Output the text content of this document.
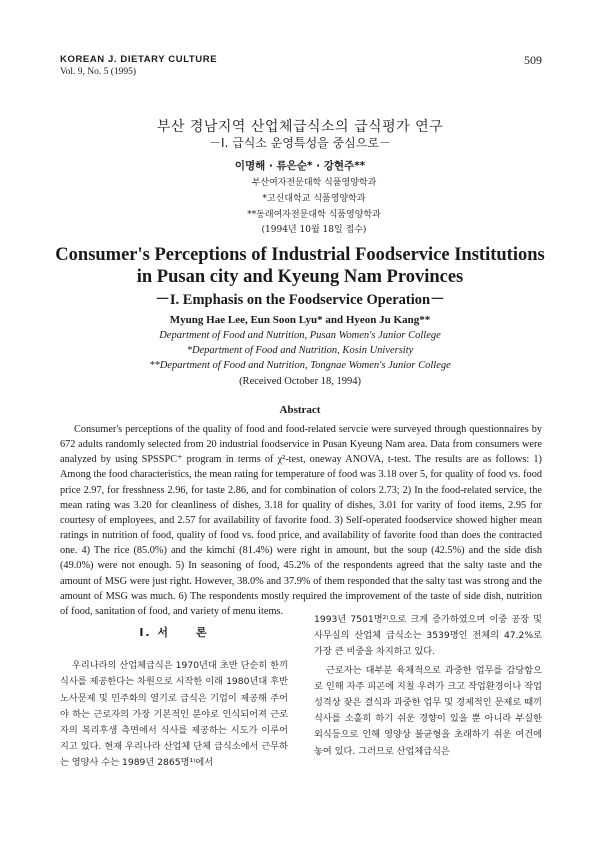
KOREAN J. DIETARY CULTURE
Vol. 9, No. 5 (1995)
509
부산 경남지역 산업체급식소의 급식평가 연구
－I. 급식소 운영특성을 중심으로－
이명해 · 류은순* · 강현주**
부산여자전문대학 식품영양학과
*고신대학교 식품영양학과
**동래여자전문대학 식품영양학과
(1994년 10월 18일 접수)
Consumer's Perceptions of Industrial Foodservice Institutions
in Pusan city and Kyeung Nam Provinces
－I. Emphasis on the Foodservice Operation－
Myung Hae Lee, Eun Soon Lyu* and Hyeon Ju Kang**
Department of Food and Nutrition, Pusan Women's Junior College
*Department of Food and Nutrition, Kosin University
**Department of Food and Nutrition, Tongnae Women's Junior College
(Received October 18, 1994)
Abstract

Consumer's perceptions of the quality of food and food-related servcie were surveyed through questionnaires by 672 adults randomly selected from 20 industrial foodservice in Pusan Kyeung Nam area. Data from consumers were analyzed by using SPSSPC⁺ program in terms of χ²-test, oneway ANOVA, t-test. The results are as follows: 1) Among the food characteristics, the mean rating for temperature of food was 3.18 over 5, for quality of food vs. food price 2.97, for fresshness 2.96, for taste 2.86, and for combination of colors 2.73; 2) In the food-related service, the mean rating was 3.20 for cleanliness of dishes, 3.18 for quality of dishes, 3.01 for varity of food items, 2.95 for courtesy of employees, and 2.57 for availability of favorite food. 3) Self-operated foodservice showed higher mean ratings in nutrition of food, quality of food vs. food price, and availability of favorite food than does the contracted one. 4) The rice (85.0%) and the kimchi (81.4%) were right in amount, but the soup (42.5%) and the side dish (49.0%) were not enough. 5) In seasoning of food, 45.2% of the respondents agreed that the salty taste and the amount of MSG were just right. However, 38.0% and 37.9% of them responded that the salty tast was strong and the amount of MSG was much. 6) The respondents mostly required the improvement of the taste of side dish, nutrition of food, sanitation of food, and variety of menu items.

I. 서　　론

우리나라의 산업체급식은 1970년대 초반 단순히 한끼 식사를 제공한다는 차원으로 시작한 이래 1980년대 후반 노사문제 및 민주화의 열기로 급식은 기업이 제공해 주어야 하는 근로자의 가장 기본적인 분야로 인식되어져 근로자의 복리후생 측면에서 식사를 제공하는 시도가 이루어지고 있다. 현재 우리나라 산업체 단체 급식소에서 근무하는 영양사 수는 1989년 2865명¹⁾에서

1993년 7501명²⁾으로 크게 증가하였으며 이중 공장 및 사무실의 산업체 급식소는 3539명인 전체의 47.2%로 가장 큰 비중을 차지하고 있다.

근로자는 대부분 육체적으로 과중한 업무를 감당함으로 인해 자주 피곤에 지칠 우려가 크고 작업환경이나 작업성격상 잦은 결식과 과중한 업무 및 경제적인 문제로 때끼 식사를 소홀히 하기 쉬운 경향이 있을 뿐 아니라 부실한 외식등으로 인해 영양상 불균형을 초래하기 쉬운 여건에 놓여 있다. 그러므로 산업체급식은
